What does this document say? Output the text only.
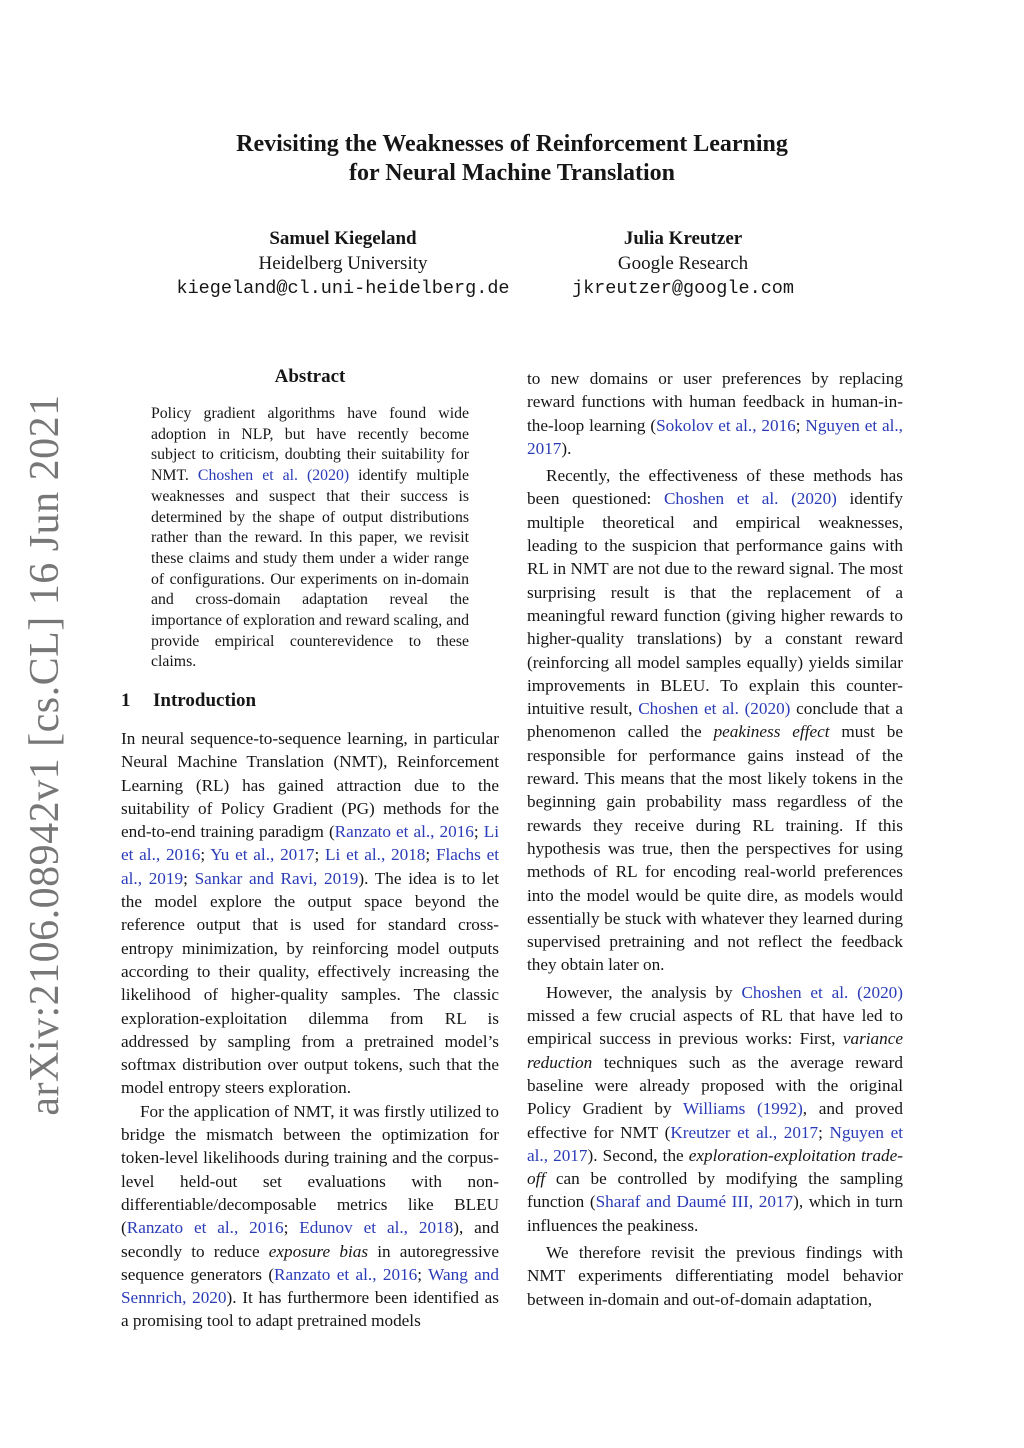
arXiv:2106.08942v1 [cs.CL] 16 Jun 2021
Revisiting the Weaknesses of Reinforcement Learning
for Neural Machine Translation
Samuel Kiegeland
Heidelberg University
kiegeland@cl.uni-heidelberg.de
Julia Kreutzer
Google Research
jkreutzer@google.com
Abstract

Policy gradient algorithms have found wide adoption in NLP, but have recently become subject to criticism, doubting their suitability for NMT. Choshen et al. (2020) identify multiple weaknesses and suspect that their success is determined by the shape of output distributions rather than the reward. In this paper, we revisit these claims and study them under a wider range of configurations. Our experiments on in-domain and cross-domain adaptation reveal the importance of exploration and reward scaling, and provide empirical counterevidence to these claims.

1 Introduction

In neural sequence-to-sequence learning, in particular Neural Machine Translation (NMT), Reinforcement Learning (RL) has gained attraction due to the suitability of Policy Gradient (PG) methods for the end-to-end training paradigm (Ranzato et al., 2016; Li et al., 2016; Yu et al., 2017; Li et al., 2018; Flachs et al., 2019; Sankar and Ravi, 2019). The idea is to let the model explore the output space beyond the reference output that is used for standard cross-entropy minimization, by reinforcing model outputs according to their quality, effectively increasing the likelihood of higher-quality samples. The classic exploration-exploitation dilemma from RL is addressed by sampling from a pretrained model’s softmax distribution over output tokens, such that the model entropy steers exploration.

For the application of NMT, it was firstly utilized to bridge the mismatch between the optimization for token-level likelihoods during training and the corpus-level held-out set evaluations with non-differentiable/decomposable metrics like BLEU (Ranzato et al., 2016; Edunov et al., 2018), and secondly to reduce exposure bias in autoregressive sequence generators (Ranzato et al., 2016; Wang and Sennrich, 2020). It has furthermore been identified as a promising tool to adapt pretrained models

to new domains or user preferences by replacing reward functions with human feedback in human-in-the-loop learning (Sokolov et al., 2016; Nguyen et al., 2017).

Recently, the effectiveness of these methods has been questioned: Choshen et al. (2020) identify multiple theoretical and empirical weaknesses, leading to the suspicion that performance gains with RL in NMT are not due to the reward signal. The most surprising result is that the replacement of a meaningful reward function (giving higher rewards to higher-quality translations) by a constant reward (reinforcing all model samples equally) yields similar improvements in BLEU. To explain this counter-intuitive result, Choshen et al. (2020) conclude that a phenomenon called the peakiness effect must be responsible for performance gains instead of the reward. This means that the most likely tokens in the beginning gain probability mass regardless of the rewards they receive during RL training. If this hypothesis was true, then the perspectives for using methods of RL for encoding real-world preferences into the model would be quite dire, as models would essentially be stuck with whatever they learned during supervised pretraining and not reflect the feedback they obtain later on.

However, the analysis by Choshen et al. (2020) missed a few crucial aspects of RL that have led to empirical success in previous works: First, variance reduction techniques such as the average reward baseline were already proposed with the original Policy Gradient by Williams (1992), and proved effective for NMT (Kreutzer et al., 2017; Nguyen et al., 2017). Second, the exploration-exploitation trade-off can be controlled by modifying the sampling function (Sharaf and Daumé III, 2017), which in turn influences the peakiness.

We therefore revisit the previous findings with NMT experiments differentiating model behavior between in-domain and out-of-domain adaptation,
